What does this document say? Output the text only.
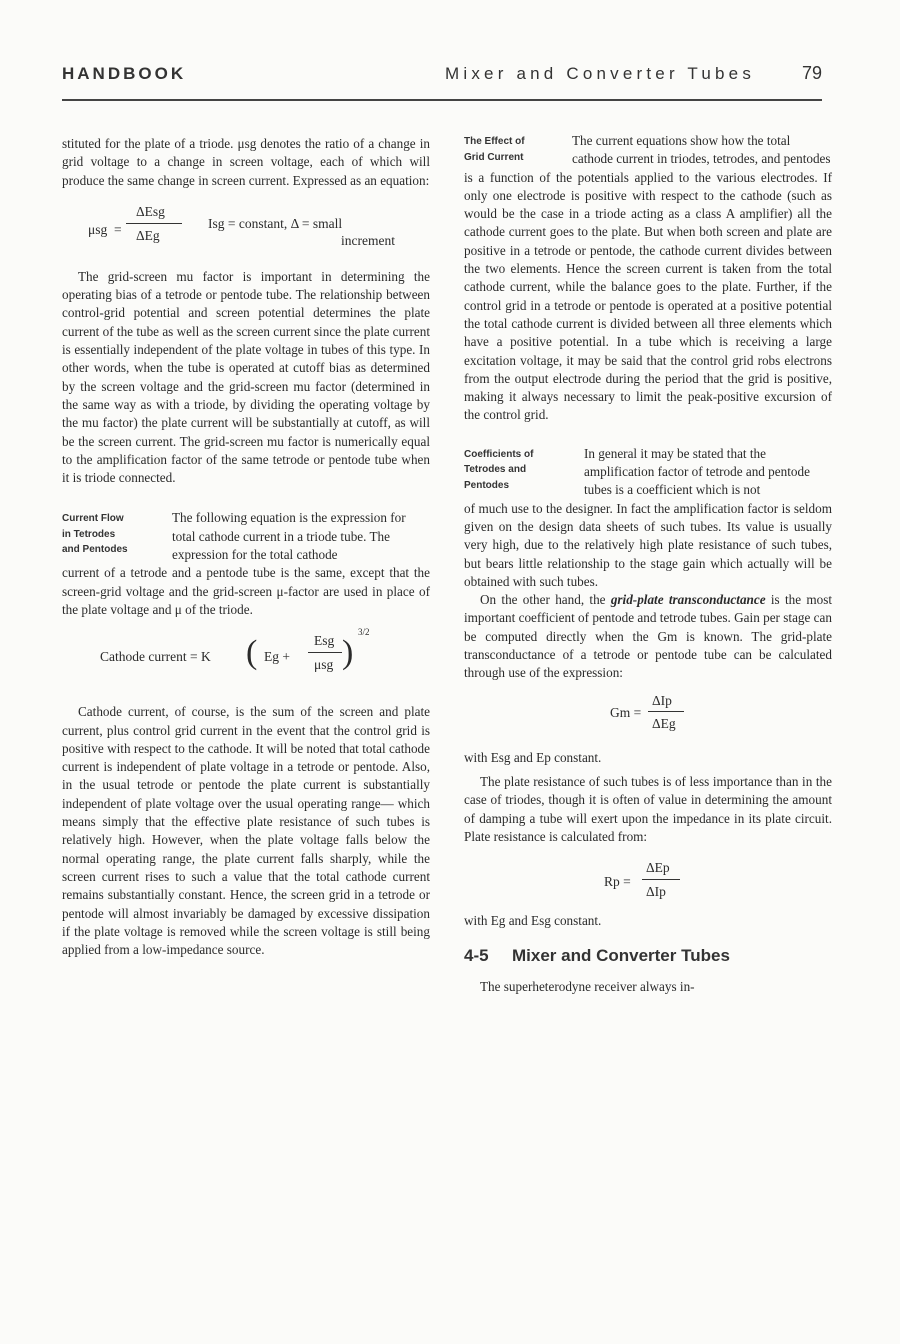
HANDBOOK	Mixer and Converter Tubes	79

stituted for the plate of a triode. μsg denotes the ratio of a change in grid voltage to a change in screen voltage, each of which will produce the same change in screen current. Expressed as an equation:

μsg =
ΔEsg
ΔEg
Isg = constant, Δ = small
increment

The grid-screen mu factor is important in determining the operating bias of a tetrode or pentode tube. The relationship between control-grid potential and screen potential determines the plate current of the tube as well as the screen current since the plate current is essentially independent of the plate voltage in tubes of this type. In other words, when the tube is operated at cutoff bias as determined by the screen voltage and the grid-screen mu factor (determined in the same way as with a triode, by dividing the operating voltage by the mu factor) the plate current will be substantially at cutoff, as will be the screen current. The grid-screen mu factor is numerically equal to the amplification factor of the same tetrode or pentode tube when it is triode connected.

Current Flow
in Tetrodes
and Pentodes

The following equation is the expression for total cathode current in a triode tube. The expression for the total cathode

current of a tetrode and a pentode tube is the same, except that the screen-grid voltage and the grid-screen μ-factor are used in place of the plate voltage and μ of the triode.

Cathode current = K ( Eg +
Esg
μsg )
3/2

Cathode current, of course, is the sum of the screen and plate current, plus control grid current in the event that the control grid is positive with respect to the cathode. It will be noted that total cathode current is independent of plate voltage in a tetrode or pentode. Also, in the usual tetrode or pentode the plate current is substantially independent of plate voltage over the usual operating range— which means simply that the effective plate resistance of such tubes is relatively high. However, when the plate voltage falls below the normal operating range, the plate current falls sharply, while the screen current rises to such a value that the total cathode current remains substantially constant. Hence, the screen grid in a tetrode or pentode will almost invariably be damaged by excessive dissipation if the plate voltage is removed while the screen voltage is still being applied from a low-impedance source.

The Effect of
Grid Current

The current equations show how the total cathode current in triodes, tetrodes, and pentodes

is a function of the potentials applied to the various electrodes. If only one electrode is positive with respect to the cathode (such as would be the case in a triode acting as a class A amplifier) all the cathode current goes to the plate. But when both screen and plate are positive in a tetrode or pentode, the cathode current divides between the two elements. Hence the screen current is taken from the total cathode current, while the balance goes to the plate. Further, if the control grid in a tetrode or pentode is operated at a positive potential the total cathode current is divided between all three elements which have a positive potential. In a tube which is receiving a large excitation voltage, it may be said that the control grid robs electrons from the output electrode during the period that the grid is positive, making it always necessary to limit the peak-positive excursion of the control grid.

Coefficients of
Tetrodes and
Pentodes

In general it may be stated that the amplification factor of tetrode and pentode tubes is a coefficient which is not

of much use to the designer. In fact the amplification factor is seldom given on the design data sheets of such tubes. Its value is usually very high, due to the relatively high plate resistance of such tubes, but bears little relationship to the stage gain which actually will be obtained with such tubes.

On the other hand, the grid-plate transconductance is the most important coefficient of pentode and tetrode tubes. Gain per stage can be computed directly when the Gm is known. The grid-plate transconductance of a tetrode or pentode tube can be calculated through use of the expression:

Gm =
ΔIp
ΔEg

with Esg and Ep constant.

The plate resistance of such tubes is of less importance than in the case of triodes, though it is often of value in determining the amount of damping a tube will exert upon the impedance in its plate circuit. Plate resistance is calculated from:

Rp =
ΔEp
ΔIp

with Eg and Esg constant.

4-5 Mixer and Converter Tubes

The superheterodyne receiver always in-
